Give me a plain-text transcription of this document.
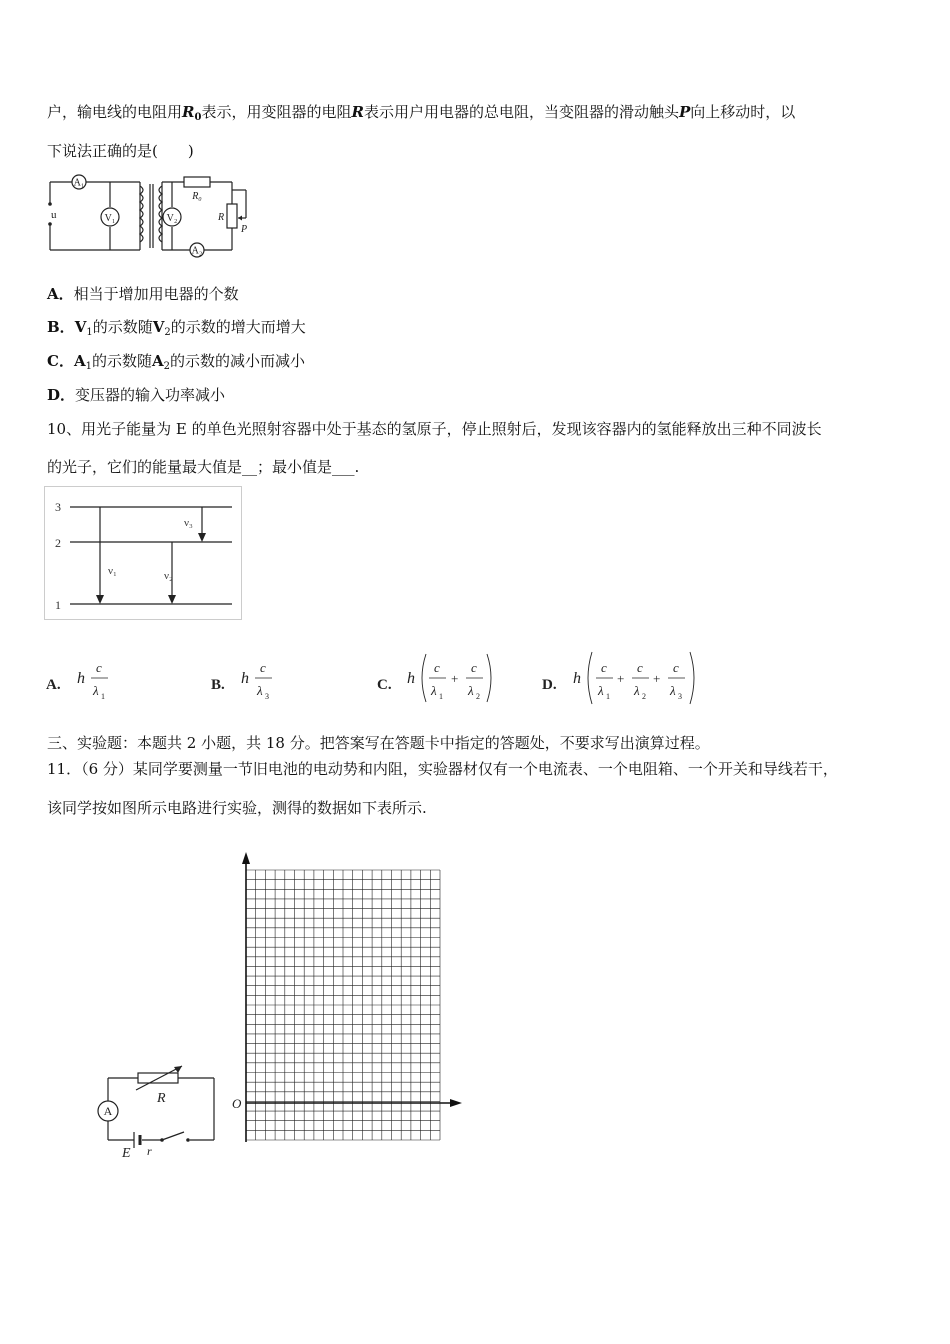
户，输电线的电阻用$R_0$表示，用变阻器的电阻R表示用户用电器的总电阻，当变阻器的滑动触头P向上移动时，以
下说法正确的是(　　)
u
A₁
V₁	V₂
A₂
R₀
R
P
A．相当于增加用电器的个数
B．$V_1$的示数随$V_2$的示数的增大而增大
C．$A_1$的示数随$A_2$的示数的减小而减小
D．变压器的输入功率减小
10、用光子能量为 E 的单色光照射容器中处于基态的氢原子，停止照射后，发现该容器内的氢能释放出三种不同波长
的光子，它们的能量最大值是__；最小值是___.
3
2
1
ν₁	ν₂
ν₃
A. h
c
λ 1
B. h
c
λ 3
C. h
c
λ 1
+
c
λ 2
D. h
c
λ 1
+
c
λ 2
+
c
λ 3
三、实验题：本题共 2 小题，共 18 分。把答案写在答题卡中指定的答题处，不要求写出演算过程。
11．（6 分）某同学要测量一节旧电池的电动势和内阻，实验器材仅有一个电流表、一个电阻箱、一个开关和导线若干，
该同学按如图所示电路进行实验，测得的数据如下表所示.
A
R
E r
O
